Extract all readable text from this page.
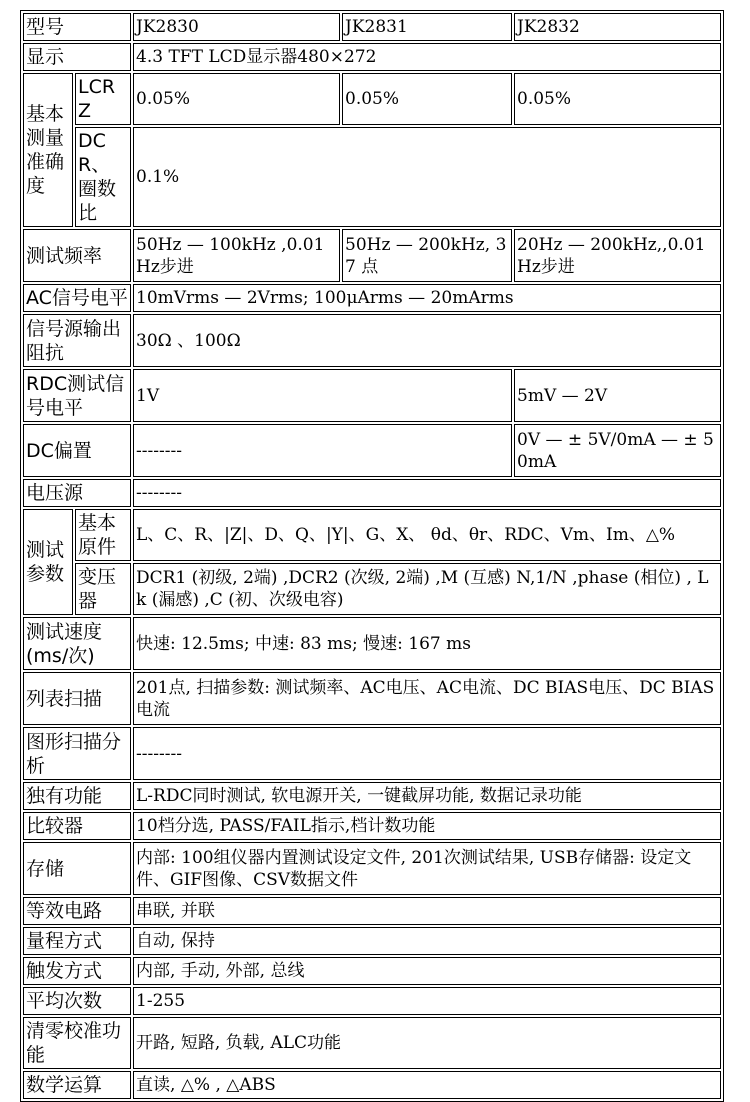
型号		JK2830	JK2831	JK2832
显示		4.3 TFT LCD显示器480×272		
基本测量准确度	LCRZ	0.05%	0.05%	0.05%
	DCR、圈数比	0.1%		
测试频率		50Hz — 100kHz ,0.01Hz步进	50Hz — 200kHz, 37 点	20Hz — 200kHz,,0.01Hz步进
AC信号电平		10mVrms — 2Vrms; 100μArms — 20mArms		
信号源输出阻抗		30Ω 、100Ω		
RDC测试信号电平		1V		5mV — 2V
DC偏置		--------		0V — ± 5V/0mA — ± 50mA
电压源		--------		
测试参数	基本原件	L、C、R、|Z|、D、Q、|Y|、G、X、 θd、θr、RDC、Vm、Im、△%		
	变压器	DCR1 (初级, 2端) ,DCR2 (次级, 2端) ,M (互感) N,1/N ,phase (相位) , Lk (漏感) ,C (初、次级电容)		
测试速度 (ms/次)		快速: 12.5ms; 中速: 83 ms; 慢速: 167 ms		
列表扫描		201点, 扫描参数: 测试频率、AC电压、AC电流、DC BIAS电压、DC BIAS电流		
图形扫描分析		--------		
独有功能		L-RDC同时测试, 软电源开关, 一键截屏功能, 数据记录功能		
比较器		10档分选, PASS/FAIL指示,档计数功能		
存储		内部: 100组仪器内置测试设定文件, 201次测试结果, USB存储器: 设定文件、GIF图像、CSV数据文件		
等效电路		串联, 并联		
量程方式		自动, 保持		
触发方式		内部, 手动, 外部, 总线		
平均次数		1-255		
清零校准功能		开路, 短路, 负载, ALC功能		
数学运算		直读, △% , △ABS		
